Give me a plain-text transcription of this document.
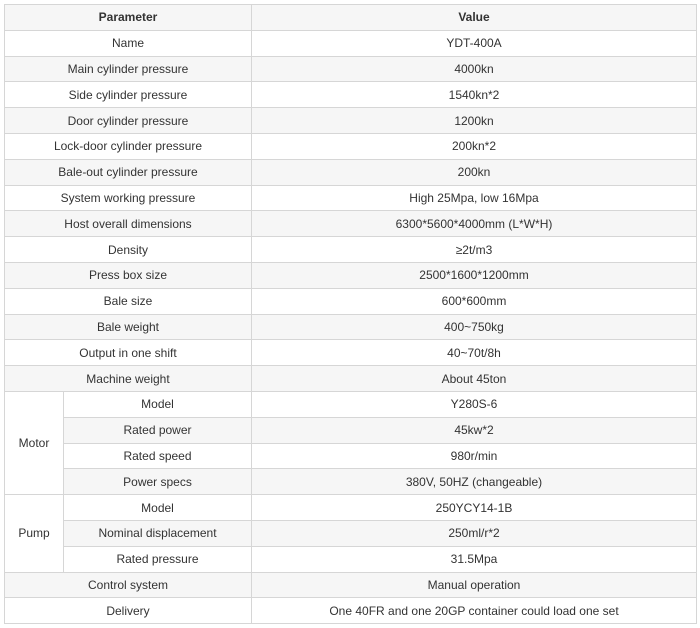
Parameter		Value
Name		YDT-400A
Main cylinder pressure		4000kn
Side cylinder pressure		1540kn*2
Door cylinder pressure		1200kn
Lock-door cylinder pressure		200kn*2
Bale-out cylinder pressure		200kn
System working pressure		High 25Mpa, low 16Mpa
Host overall dimensions		6300*5600*4000mm (L*W*H)
Density		≥2t/m3
Press box size		2500*1600*1200mm
Bale size		600*600mm
Bale weight		400~750kg
Output in one shift		40~70t/8h
Machine weight		About 45ton
Motor	Model	Y280S-6
	Rated power	45kw*2
	Rated speed	980r/min
	Power specs	380V, 50HZ (changeable)
Pump	Model	250YCY14-1B
	Nominal displacement	250ml/r*2
	Rated pressure	31.5Mpa
Control system		Manual operation
Delivery		One 40FR and one 20GP container could load one set
